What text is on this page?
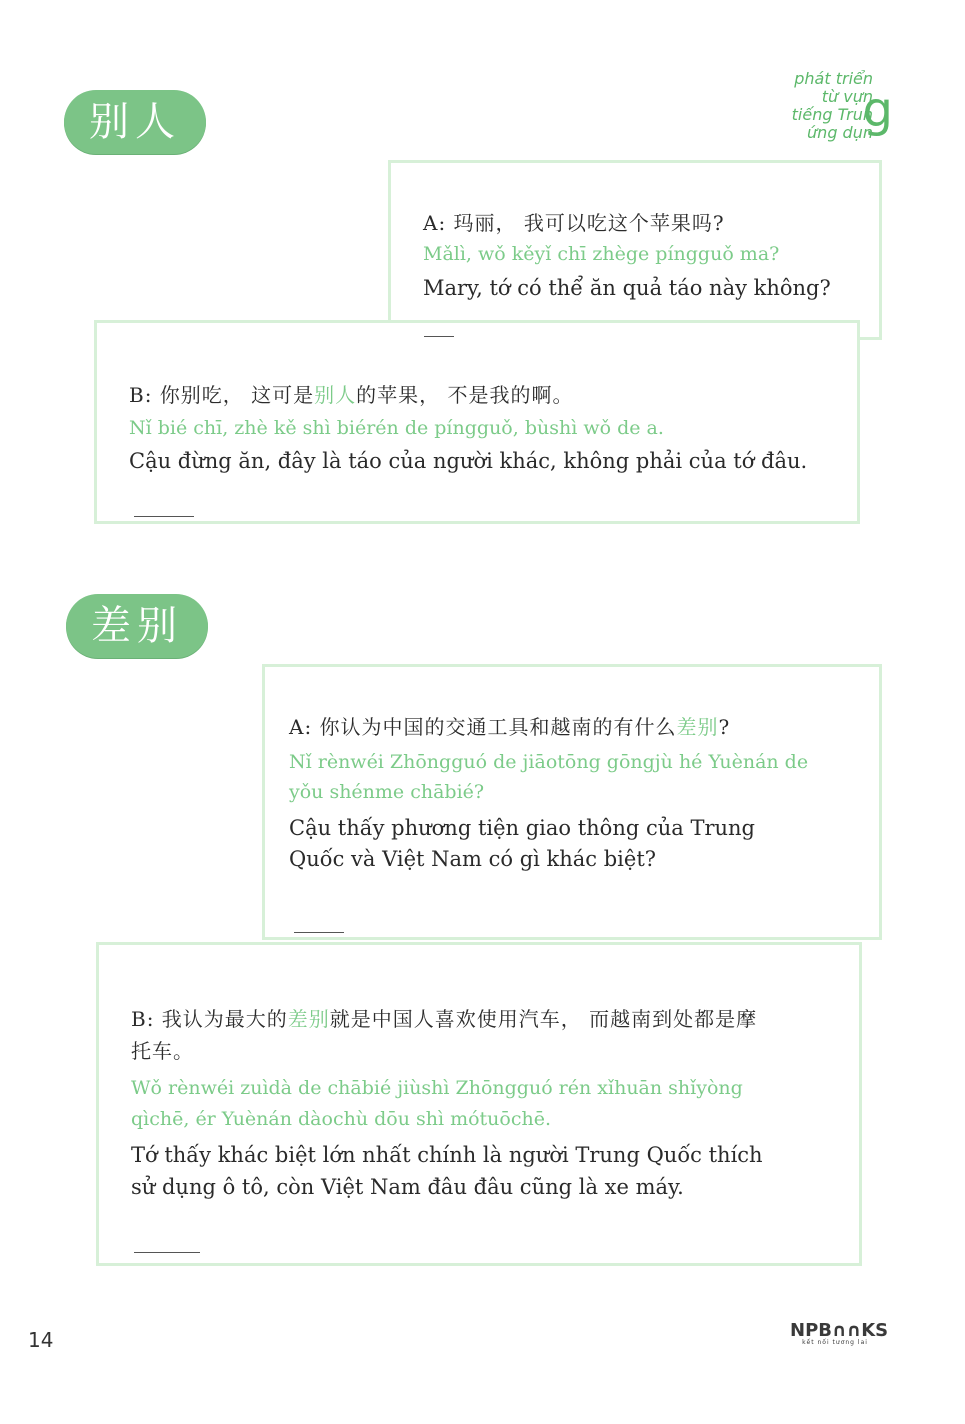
phát triển
từ vựn
tiếng Trun
ứng dụn
g
别人
A: 玛丽， 我可以吃这个苹果吗?
Mǎlì, wǒ kěyǐ chī zhège píngguǒ ma?
Mary, tớ có thể ăn quả táo này không?
B: 你别吃， 这可是别人的苹果， 不是我的啊。
Nǐ bié chī, zhè kě shì biérén de píngguǒ, bùshì wǒ de a.
Cậu đừng ăn, đây là táo của người khác, không phải của tớ đâu.
差别
A: 你认为中国的交通工具和越南的有什么差别?
Nǐ rènwéi Zhōngguó de jiāotōng gōngjù hé Yuènán de yǒu shénme chābié?
Cậu thấy phương tiện giao thông của Trung Quốc và Việt Nam có gì khác biệt?
B: 我认为最大的差别就是中国人喜欢使用汽车， 而越南到处都是摩托车。
Wǒ rènwéi zuìdà de chābié jiùshì Zhōngguó rén xǐhuān shǐyòng qìchē, ér Yuènán dàochù dōu shì mótuōchē.
Tớ thấy khác biệt lớn nhất chính là người Trung Quốc thích sử dụng ô tô, còn Việt Nam đâu đâu cũng là xe máy.
14	NPB∩∩KS
kết nối tương lai
